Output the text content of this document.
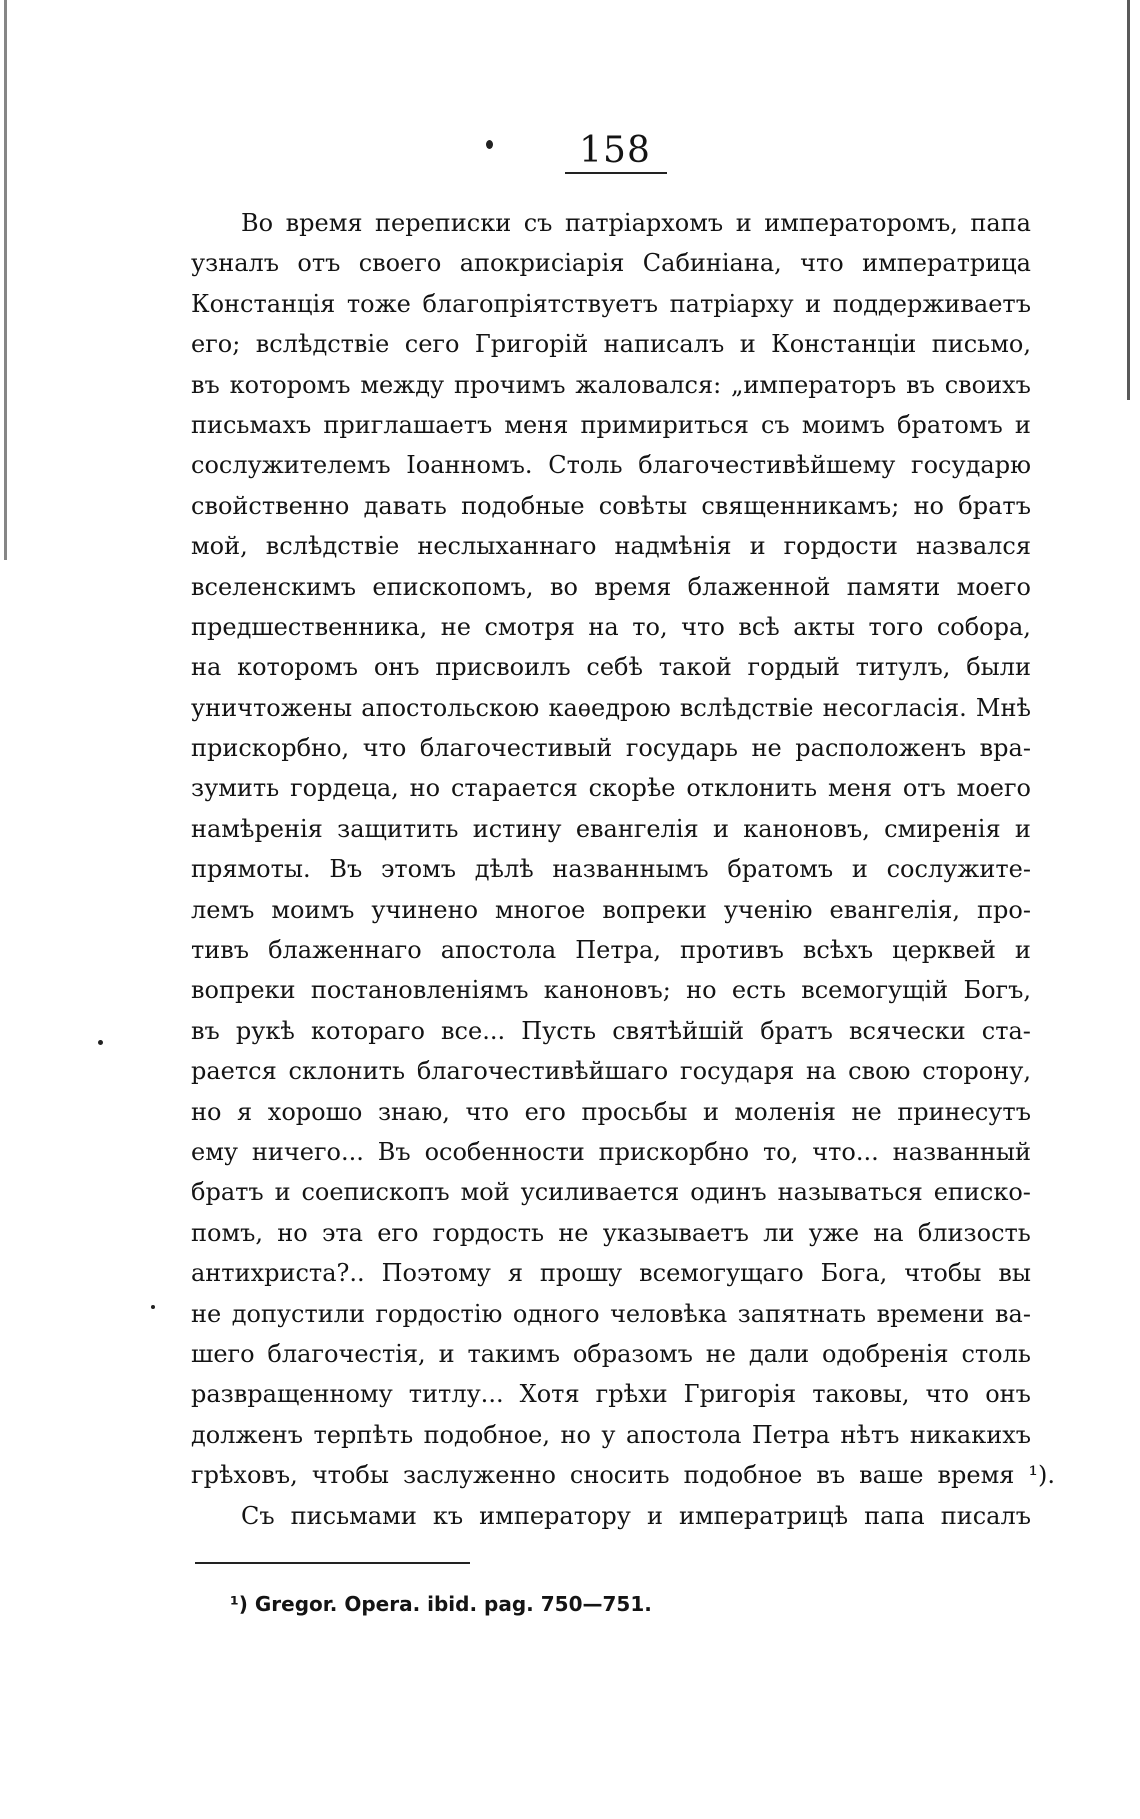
158
Во время переписки съ патріархомъ и императоромъ, папа
узналъ отъ своего апокрисіарія Сабиніана, что императрица
Констанція тоже благопріятствуетъ патріарху и поддерживаетъ
его; вслѣдствіе сего Григорій написалъ и Констанціи письмо,
въ которомъ между прочимъ жаловался: „императоръ въ своихъ
письмахъ приглашаетъ меня примириться съ моимъ братомъ и
сослужителемъ Іоанномъ. Столь благочестивѣйшему государю
свойственно давать подобные совѣты священникамъ; но братъ
мой, вслѣдствіе неслыханнаго надмѣнія и гордости назвался
вселенскимъ епископомъ, во время блаженной памяти моего
предшественника, не смотря на то, что всѣ акты того собора,
на которомъ онъ присвоилъ себѣ такой гордый титулъ, были
уничтожены апостольскою каѳедрою вслѣдствіе несогласія. Мнѣ
прискорбно, что благочестивый государь не расположенъ вра-
зумить гордеца, но старается скорѣе отклонить меня отъ моего
намѣренія защитить истину евангелія и каноновъ, смиренія и
прямоты. Въ этомъ дѣлѣ названнымъ братомъ и сослужите-
лемъ моимъ учинено многое вопреки ученію евангелія, про-
тивъ блаженнаго апостола Петра, противъ всѣхъ церквей и
вопреки постановленіямъ каноновъ; но есть всемогущій Богъ,
въ рукѣ котораго все... Пусть святѣйшій братъ всячески ста-
рается склонить благочестивѣйшаго государя на свою сторону,
но я хорошо знаю, что его просьбы и моленія не принесутъ
ему ничего... Въ особенности прискорбно то, что... названный
братъ и соепископъ мой усиливается одинъ называться еписко-
помъ, но эта его гордость не указываетъ ли уже на близость
антихриста?.. Поэтому я прошу всемогущаго Бога, чтобы вы
не допустили гордостію одного человѣка запятнать времени ва-
шего благочестія, и такимъ образомъ не дали одобренія столь
развращенному титлу... Хотя грѣхи Григорія таковы, что онъ
долженъ терпѣть подобное, но у апостола Петра нѣтъ никакихъ
грѣховъ, чтобы заслуженно сносить подобное въ ваше время ¹).
Съ письмами къ императору и императрицѣ папа писалъ
¹) Gregor. Opera. ibid. pag. 750—751.
